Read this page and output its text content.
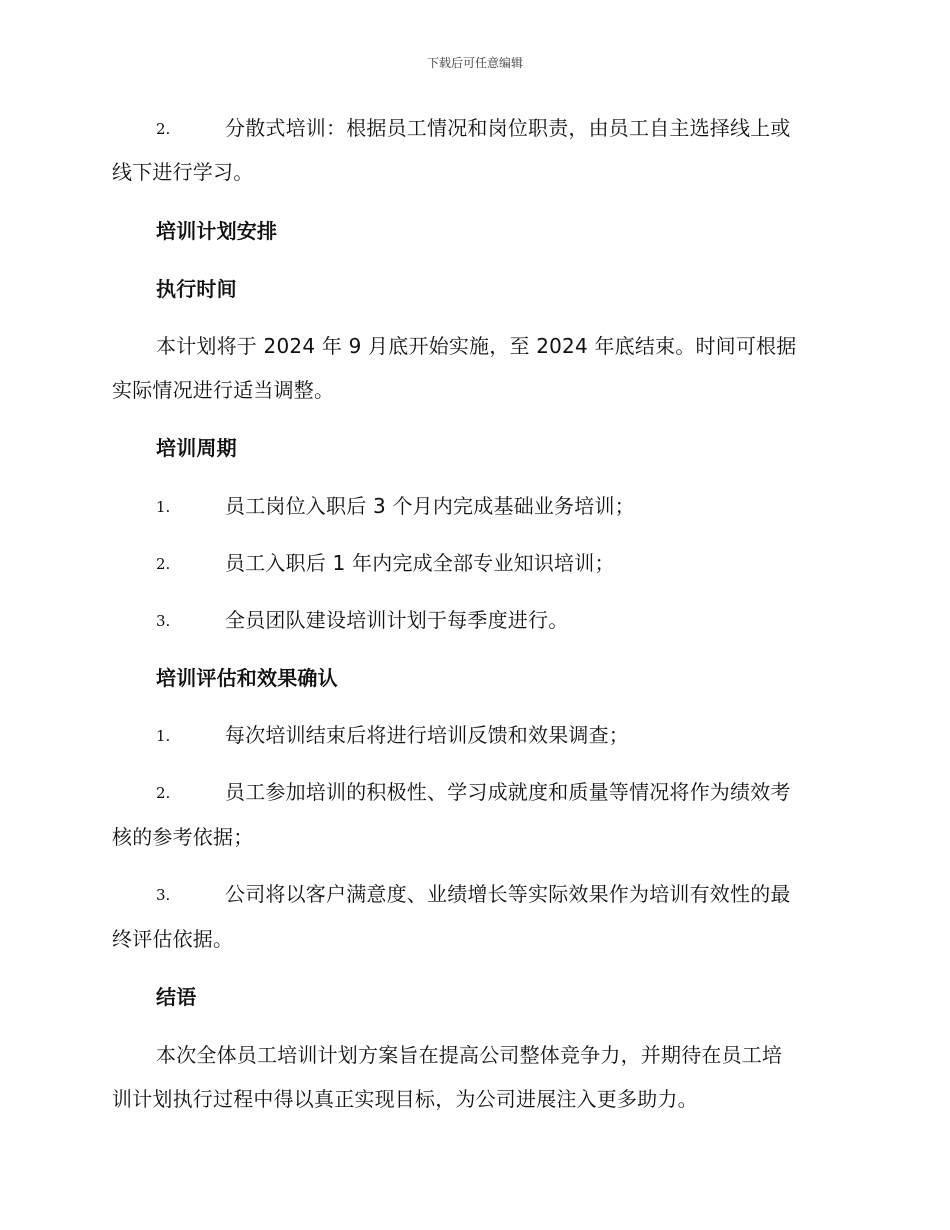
下载后可任意编辑
2.	分散式培训：根据员工情况和岗位职责，由员工自主选择线上或
线下进行学习。
培训计划安排
执行时间
本计划将于 2024 年 9 月底开始实施，至 2024 年底结束。时间可根据
实际情况进行适当调整。
培训周期
1.	员工岗位入职后 3 个月内完成基础业务培训；
2.	员工入职后 1 年内完成全部专业知识培训；
3.	全员团队建设培训计划于每季度进行。
培训评估和效果确认
1.	每次培训结束后将进行培训反馈和效果调查；
2.	员工参加培训的积极性、学习成就度和质量等情况将作为绩效考
核的参考依据；
3.	公司将以客户满意度、业绩增长等实际效果作为培训有效性的最
终评估依据。
结语
本次全体员工培训计划方案旨在提高公司整体竞争力，并期待在员工培
训计划执行过程中得以真正实现目标，为公司进展注入更多助力。
